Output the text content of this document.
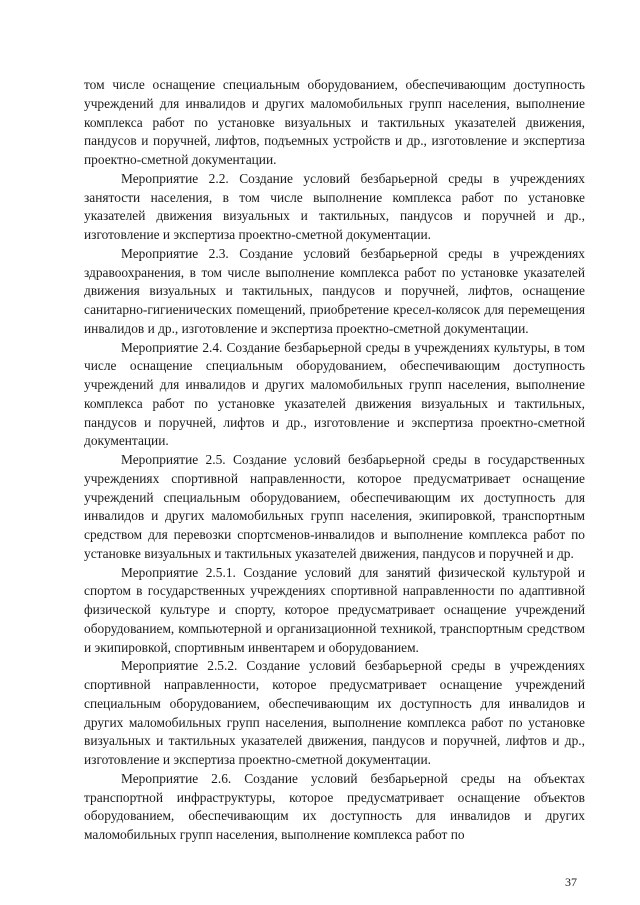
том числе оснащение специальным оборудованием, обеспечивающим доступность учреждений для инвалидов и других маломобильных групп населения, выполнение комплекса работ по установке визуальных и тактильных указателей движения, пандусов и поручней, лифтов, подъемных устройств и др., изготовление и экспертиза проектно-сметной документации.

Мероприятие 2.2. Создание условий безбарьерной среды в учреждениях занятости населения, в том числе выполнение комплекса работ по установке указателей движения визуальных и тактильных, пандусов и поручней и др., изготовление и экспертиза проектно-сметной документации.

Мероприятие 2.3. Создание условий безбарьерной среды в учреждениях здравоохранения, в том числе выполнение комплекса работ по установке указателей движения визуальных и тактильных, пандусов и поручней, лифтов, оснащение санитарно-гигиенических помещений, приобретение кресел-колясок для перемещения инвалидов и др., изготовление и экспертиза проектно-сметной документации.

Мероприятие 2.4. Создание безбарьерной среды в учреждениях культуры, в том числе оснащение специальным оборудованием, обеспечивающим доступность учреждений для инвалидов и других маломобильных групп населения, выполнение комплекса работ по установке указателей движения визуальных и тактильных, пандусов и поручней, лифтов и др., изготовление и экспертиза проектно-сметной документации.

Мероприятие 2.5. Создание условий безбарьерной среды в государственных учреждениях спортивной направленности, которое предусматривает оснащение учреждений специальным оборудованием, обеспечивающим их доступность для инвалидов и других маломобильных групп населения, экипировкой, транспортным средством для перевозки спортсменов-инвалидов и выполнение комплекса работ по установке визуальных и тактильных указателей движения, пандусов и поручней и др.

Мероприятие 2.5.1. Создание условий для занятий физической культурой и спортом в государственных учреждениях спортивной направленности по адаптивной физической культуре и спорту, которое предусматривает оснащение учреждений оборудованием, компьютерной и организационной техникой, транспортным средством и экипировкой, спортивным инвентарем и оборудованием.

Мероприятие 2.5.2. Создание условий безбарьерной среды в учреждениях спортивной направленности, которое предусматривает оснащение учреждений специальным оборудованием, обеспечивающим их доступность для инвалидов и других маломобильных групп населения, выполнение комплекса работ по установке визуальных и тактильных указателей движения, пандусов и поручней, лифтов и др., изготовление и экспертиза проектно-сметной документации.

Мероприятие 2.6. Создание условий безбарьерной среды на объектах транспортной инфраструктуры, которое предусматривает оснащение объектов оборудованием, обеспечивающим их доступность для инвалидов и других маломобильных групп населения, выполнение комплекса работ по

37
